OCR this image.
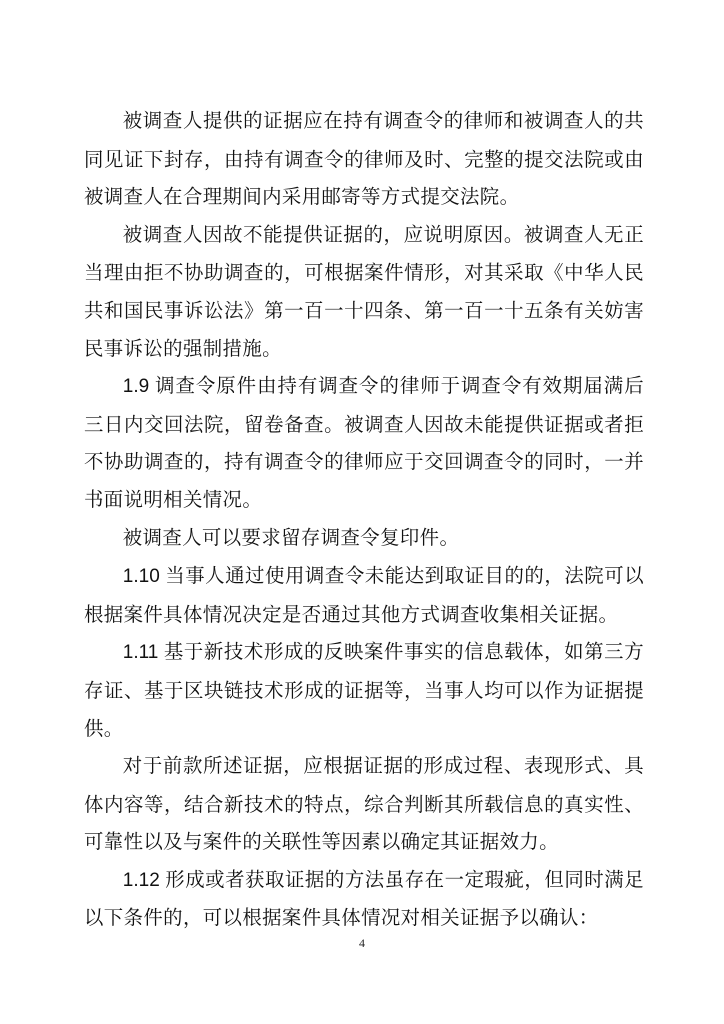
被调查人提供的证据应在持有调查令的律师和被调查人的共同见证下封存，由持有调查令的律师及时、完整的提交法院或由被调查人在合理期间内采用邮寄等方式提交法院。

被调查人因故不能提供证据的，应说明原因。被调查人无正当理由拒不协助调查的，可根据案件情形，对其采取《中华人民共和国民事诉讼法》第一百一十四条、第一百一十五条有关妨害民事诉讼的强制措施。

1.9 调查令原件由持有调查令的律师于调查令有效期届满后三日内交回法院，留卷备查。被调查人因故未能提供证据或者拒不协助调查的，持有调查令的律师应于交回调查令的同时，一并书面说明相关情况。

被调查人可以要求留存调查令复印件。

1.10 当事人通过使用调查令未能达到取证目的的，法院可以根据案件具体情况决定是否通过其他方式调查收集相关证据。

1.11 基于新技术形成的反映案件事实的信息载体，如第三方存证、基于区块链技术形成的证据等，当事人均可以作为证据提供。

对于前款所述证据，应根据证据的形成过程、表现形式、具体内容等，结合新技术的特点，综合判断其所载信息的真实性、可靠性以及与案件的关联性等因素以确定其证据效力。

1.12 形成或者获取证据的方法虽存在一定瑕疵，但同时满足以下条件的，可以根据案件具体情况对相关证据予以确认：

4
